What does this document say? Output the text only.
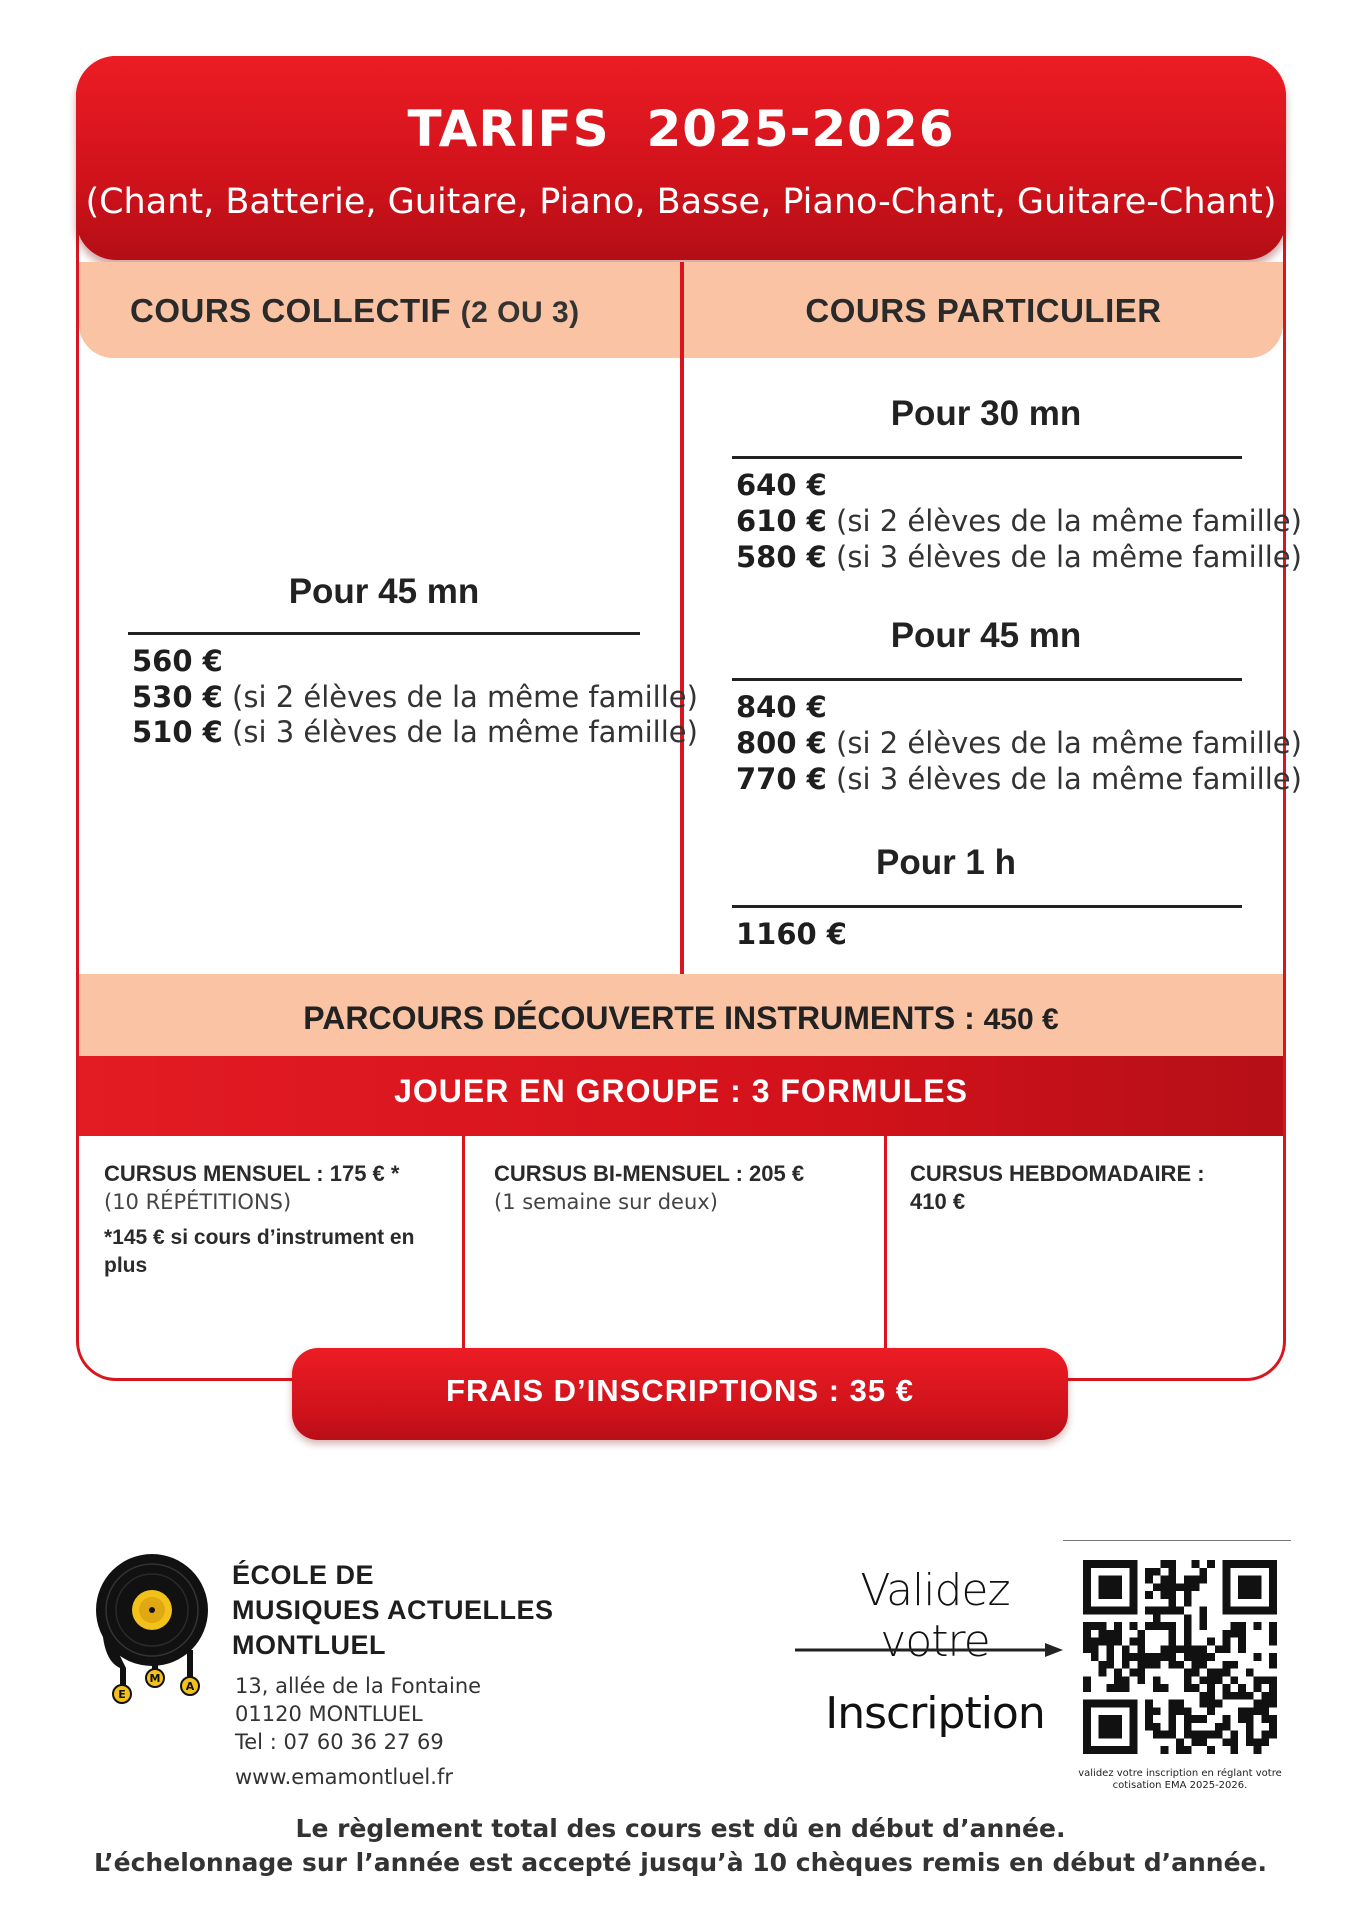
TARIFS 2025-2026
(Chant, Batterie, Guitare, Piano, Basse, Piano-Chant, Guitare-Chant)
COURS COLLECTIF (2 OU 3)	COURS PARTICULIER
Pour 45 mn
560 €
530 € (si 2 élèves de la même famille)
510 € (si 3 élèves de la même famille)
Pour 30 mn
640 €
610 € (si 2 élèves de la même famille)
580 € (si 3 élèves de la même famille)
Pour 45 mn
840 €
800 € (si 2 élèves de la même famille)
770 € (si 3 élèves de la même famille)
Pour 1 h
1160 €
PARCOURS DÉCOUVERTE INSTRUMENTS : 450 €
JOUER EN GROUPE : 3 FORMULES
CURSUS MENSUEL : 175 € *
(10 RÉPÉTITIONS)
*145 € si cours d’instrument en plus
CURSUS BI-MENSUEL : 205 €
(1 semaine sur deux)
CURSUS HEBDOMADAIRE :
410 €
FRAIS D’INSCRIPTIONS : 35 €
E
M
A
ÉCOLE DE
MUSIQUES ACTUELLES
MONTLUEL
13, allée de la Fontaine
01120 MONTLUEL
Tel : 07 60 36 27 69
www.emamontluel.fr
Validez votre
Inscription
validez votre inscription en réglant votre cotisation EMA 2025-2026.
Le règlement total des cours est dû en début d’année.
L’échelonnage sur l’année est accepté jusqu’à 10 chèques remis en début d’année.
